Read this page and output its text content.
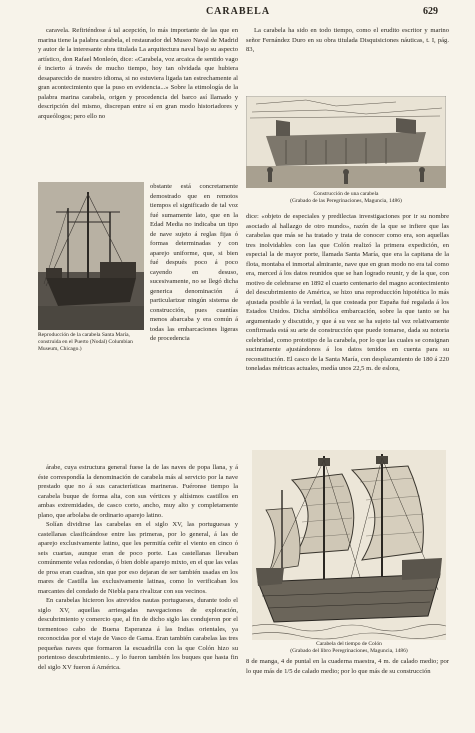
CARABELA	629

caravela. Refiriéndose á tal acepción, lo más importante de las que en marina tiene la palabra carabela, el restaurador del Museo Naval de Madrid y autor de la interesante obra titulada La arquitectura naval bajo su aspecto artístico, don Rafael Monleón, dice: «Carabela, voz arcaica de sentido vago é incierto á través de mucho tiempo, hoy tan olvidada que hubiera desaparecido de nuestro idioma, si no estuviera ligada tan estrechamente al gran acontecimiento que la puso en evidencia...» Sobre la etimología de la palabra marina carabela, origen y procedencia del barco así llamado y descripción del mismo, discrepan entre sí en gran modo historiadores y arqueólogos; pero ello no

Reproducción de la carabela Santa María, construida en el Puerto (Nodal) Columbian Museum, Chicago.)

obstante está concretamente demostrado que en remotos tiempos el significado de tal voz fué sumamente lato, que en la Edad Media no indicaba un tipo de nave sujeto á reglas fijas ó formas determinadas y con aparejo uniforme, que, si bien fué después poco á poco cayendo en desuso, sucesivamente, no se llegó dicha generica denominación á particularizar ningún sistema de construcción, pues cuantías menos abarcaba y era común á todas las embarcaciones ligeras de procedencia

árabe, cuya estructura general fuese la de las naves de popa llana, y á éste correspondía la denominación de carabela más al servicio por la nave prestado que no á sus características marineras. Fuéronse tiempo la carabela buque de forma alta, con sus vértices y altísimos castillos en ambas extremidades, de casco corto, ancho, muy alto y completamente plano, que arbolaba de ordinario aparejo latino.

Solían dividirse las carabelas en el siglo XV, las portuguesas y castellanas clasificándose entre las primeras, por lo general, á las de aparejo exclusivamente latino, que les permitía ceñir el viento en cinco ó seis cuartas, aunque eran de poco porte. Las castellanas llevaban comúnmente velas redondas, ó bien doble aparejo mixto, en el que las velas de proa eran cuadras, sin que por eso dejaran de ser también usadas en los mares de Castilla las exclusivamente latinas, como lo verificaban los marcantes del condado de Niebla para rivalizar con sus vecinos.

En carabelas hicieron los atrevidos nautas portugueses, durante todo el siglo XV, aquellas arriesgadas navegaciones de exploración, descubrimiento y comercio que, al fin de dicho siglo las condujeron por el tormentoso cabo de Buena Esperanza á las Indias orientales, ya reconocidas por el viaje de Vasco de Gama. Eran también carabelas las tres pequeñas naves que formaron la escuadrilla con la que Colón hizo su portentoso descubrimiento... y lo fueron también los buques que hasta fin del siglo XV fueron á América.

La carabela ha sido en todo tiempo, como el erudito escritor y marino señor Fernández Duro en su obra titulada Disquisiciones náuticas, t. I, pág. 83,

Construcción de una carabela
(Grabado de las Peregrinaciones, Maguncia, 1486)

dice: «objeto de especiales y predilectas investigaciones por ir su nombre asociado al hallazgo de otro mundo», razón de la que se infiere que las carabelas que más se ha tratado y trata de conocer como era, son aquellas tres inolvidables con las que Colón realizó la primera expedición, en especial la de mayor porte, llamada Santa María, que era la capitana de la flota, montaba el inmortal almirante, nave que en gran modo no era tal como era, merced á los datos reunidos que se han logrado reunir, y de la que, con motivo de celebrarse en 1892 el cuarto centenario del magno acontecimiento del descubrimiento de América, se hizo una reproducción hipotética lo más ajustada posible á la verdad, la que costeada por España fué regalada á los Estados Unidos. Dicha simbólica embarcación, sobre la que tanto se ha argumentado y discutido, y que á su vez se ha sujeto tal vez relativamente confirmada está su arte de construcción que puede tomarse, dada su notoria celebridad, como prototipo de la carabela, por lo que las cuales se consignan sucintamente ajustándonos á los datos tenidos en cuenta para su reconstitución. El casco de la Santa María, con desplazamiento de 180 á 220 toneladas métricas actuales, medía unos 22,5 m. de eslora,

Carabela del tiempo de Colón
(Grabado del libro Peregrinaciones, Maguncia, 1486)

8 de manga, 4 de puntal en la cuaderna maestra, 4 m. de calado medio; por lo que más de 1/5 de calado medio; por lo que más de su construcción
